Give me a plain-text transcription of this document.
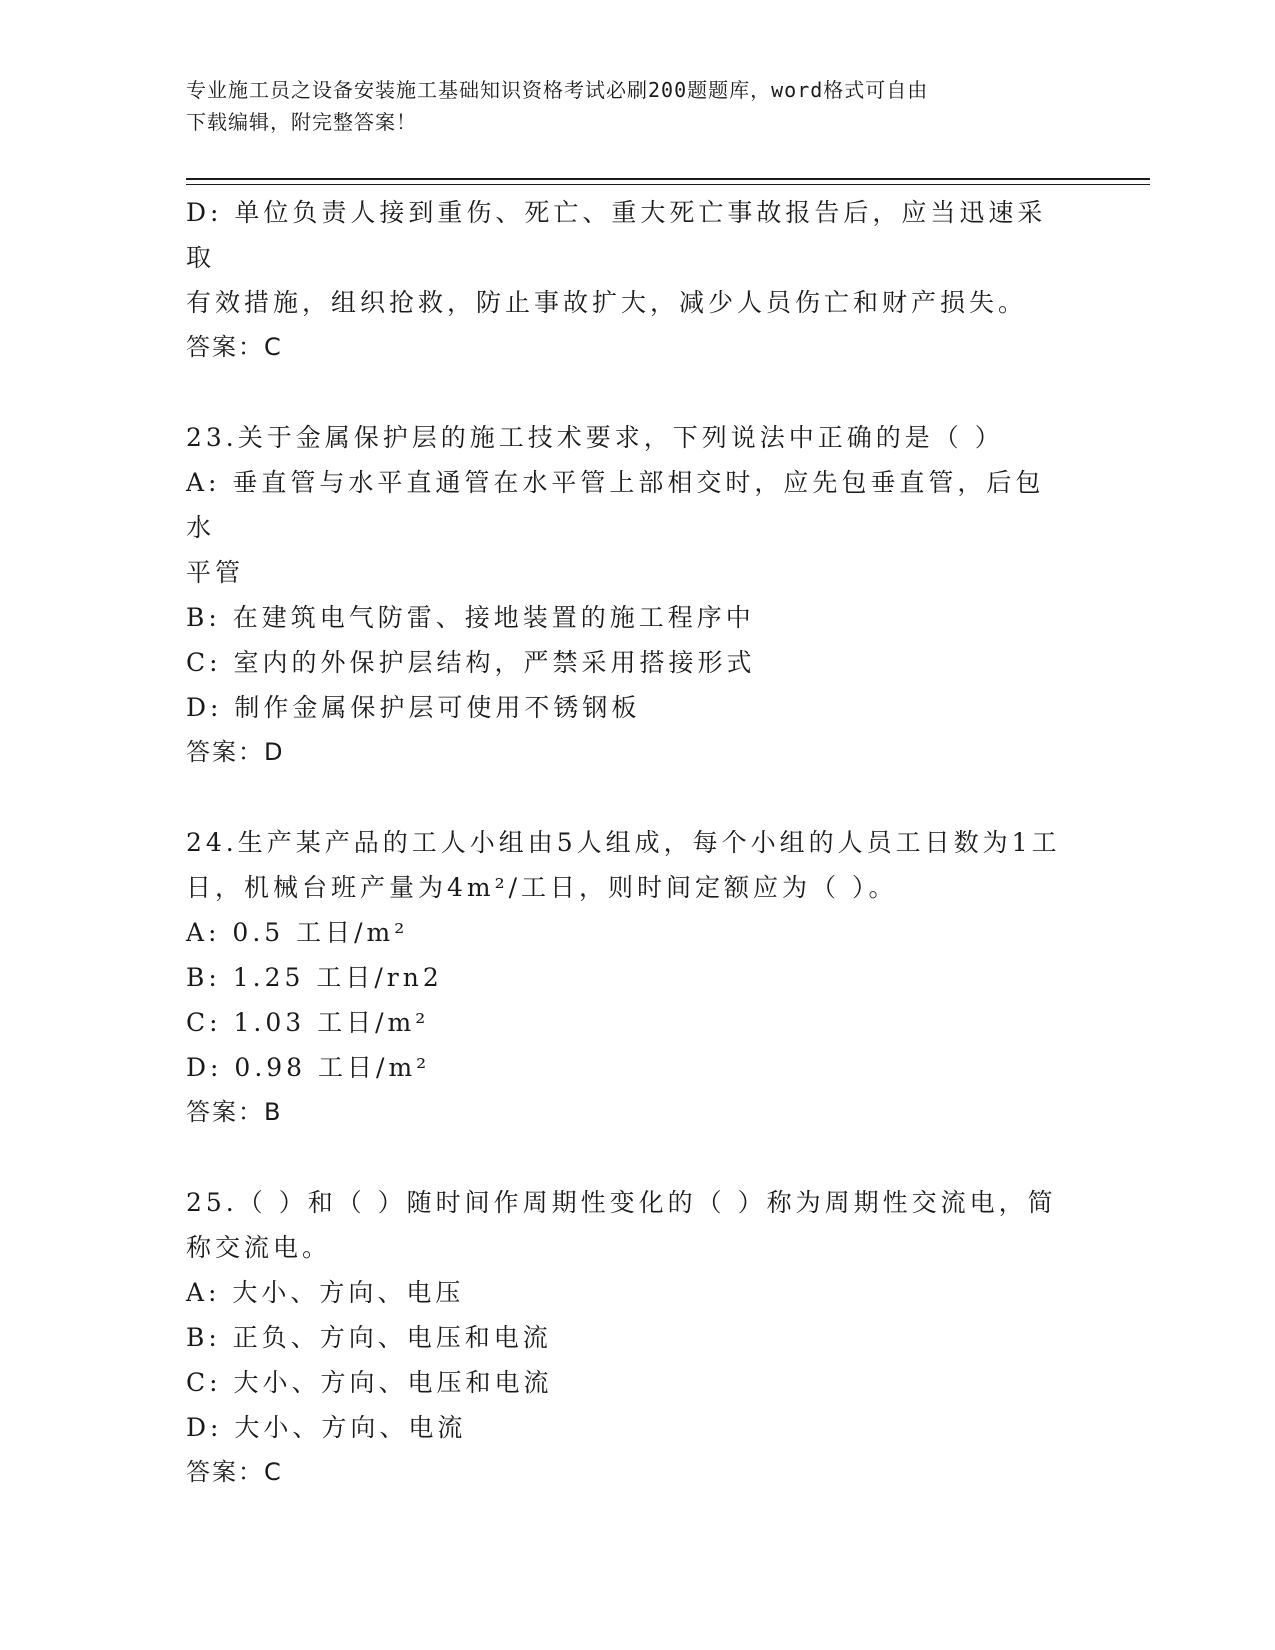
专业施工员之设备安装施工基础知识资格考试必刷200题题库，word格式可自由
下载编辑，附完整答案！
D: 单位负责人接到重伤、死亡、重大死亡事故报告后，应当迅速采取
有效措施，组织抢救，防止事故扩大，减少人员伤亡和财产损失。
答案：C
23.关于金属保护层的施工技术要求，下列说法中正确的是（ ）
A: 垂直管与水平直通管在水平管上部相交时，应先包垂直管，后包水
平管
B: 在建筑电气防雷、接地装置的施工程序中
C: 室内的外保护层结构，严禁采用搭接形式
D: 制作金属保护层可使用不锈钢板
答案：D
24.生产某产品的工人小组由5人组成，每个小组的人员工日数为1工
日，机械台班产量为4m²/工日，则时间定额应为（ ）。
A: 0.5 工日/m²
B: 1.25 工日/rn2
C: 1.03 工日/m²
D: 0.98 工日/m²
答案：B
25.（ ）和（ ）随时间作周期性变化的（ ）称为周期性交流电，简
称交流电。
A: 大小、方向、电压
B: 正负、方向、电压和电流
C: 大小、方向、电压和电流
D: 大小、方向、电流
答案：C
